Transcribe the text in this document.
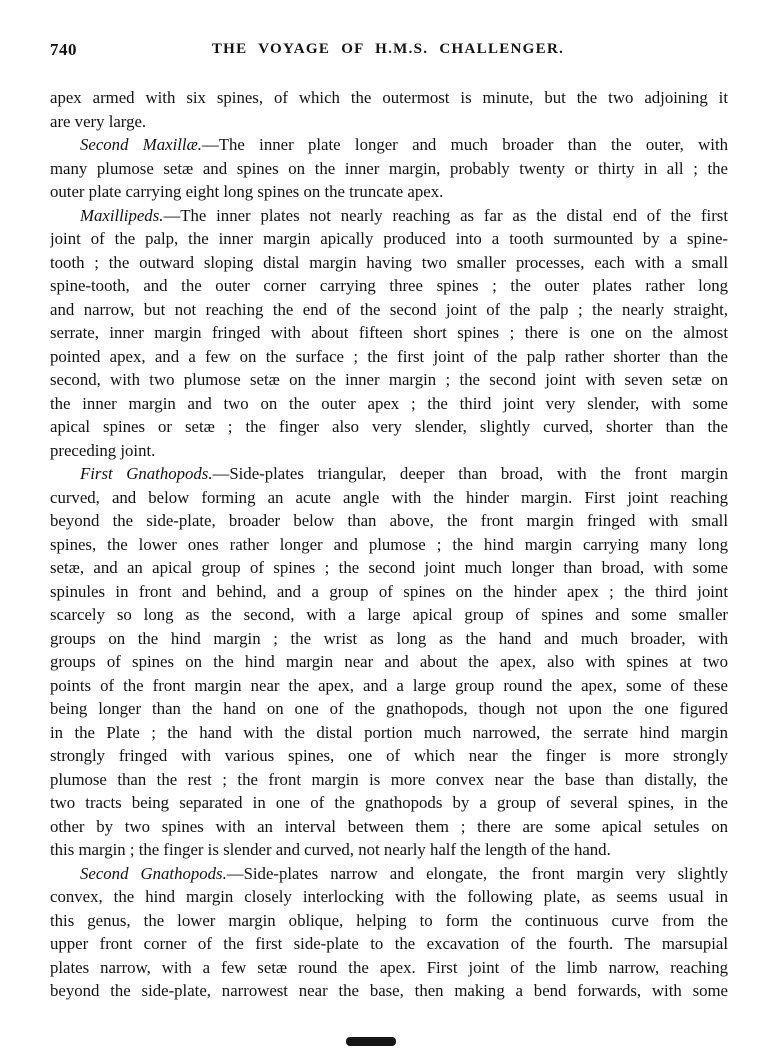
740	THE VOYAGE OF H.M.S. CHALLENGER.
apex armed with six spines, of which the outermost is minute, but the two adjoining it
are very large.
Second Maxillæ.—The inner plate longer and much broader than the outer, with
many plumose setæ and spines on the inner margin, probably twenty or thirty in all ; the
outer plate carrying eight long spines on the truncate apex.
Maxillipeds.—The inner plates not nearly reaching as far as the distal end of the first
joint of the palp, the inner margin apically produced into a tooth surmounted by a spine-
tooth ; the outward sloping distal margin having two smaller processes, each with a small
spine-tooth, and the outer corner carrying three spines ; the outer plates rather long
and narrow, but not reaching the end of the second joint of the palp ; the nearly straight,
serrate, inner margin fringed with about fifteen short spines ; there is one on the almost
pointed apex, and a few on the surface ; the first joint of the palp rather shorter than the
second, with two plumose setæ on the inner margin ; the second joint with seven setæ on
the inner margin and two on the outer apex ; the third joint very slender, with some
apical spines or setæ ; the finger also very slender, slightly curved, shorter than the
preceding joint.
First Gnathopods.—Side-plates triangular, deeper than broad, with the front margin
curved, and below forming an acute angle with the hinder margin. First joint reaching
beyond the side-plate, broader below than above, the front margin fringed with small
spines, the lower ones rather longer and plumose ; the hind margin carrying many long
setæ, and an apical group of spines ; the second joint much longer than broad, with some
spinules in front and behind, and a group of spines on the hinder apex ; the third joint
scarcely so long as the second, with a large apical group of spines and some smaller
groups on the hind margin ; the wrist as long as the hand and much broader, with
groups of spines on the hind margin near and about the apex, also with spines at two
points of the front margin near the apex, and a large group round the apex, some of these
being longer than the hand on one of the gnathopods, though not upon the one figured
in the Plate ; the hand with the distal portion much narrowed, the serrate hind margin
strongly fringed with various spines, one of which near the finger is more strongly
plumose than the rest ; the front margin is more convex near the base than distally, the
two tracts being separated in one of the gnathopods by a group of several spines, in the
other by two spines with an interval between them ; there are some apical setules on
this margin ; the finger is slender and curved, not nearly half the length of the hand.
Second Gnathopods.—Side-plates narrow and elongate, the front margin very slightly
convex, the hind margin closely interlocking with the following plate, as seems usual in
this genus, the lower margin oblique, helping to form the continuous curve from the
upper front corner of the first side-plate to the excavation of the fourth. The marsupial
plates narrow, with a few setæ round the apex. First joint of the limb narrow, reaching
beyond the side-plate, narrowest near the base, then making a bend forwards, with some
